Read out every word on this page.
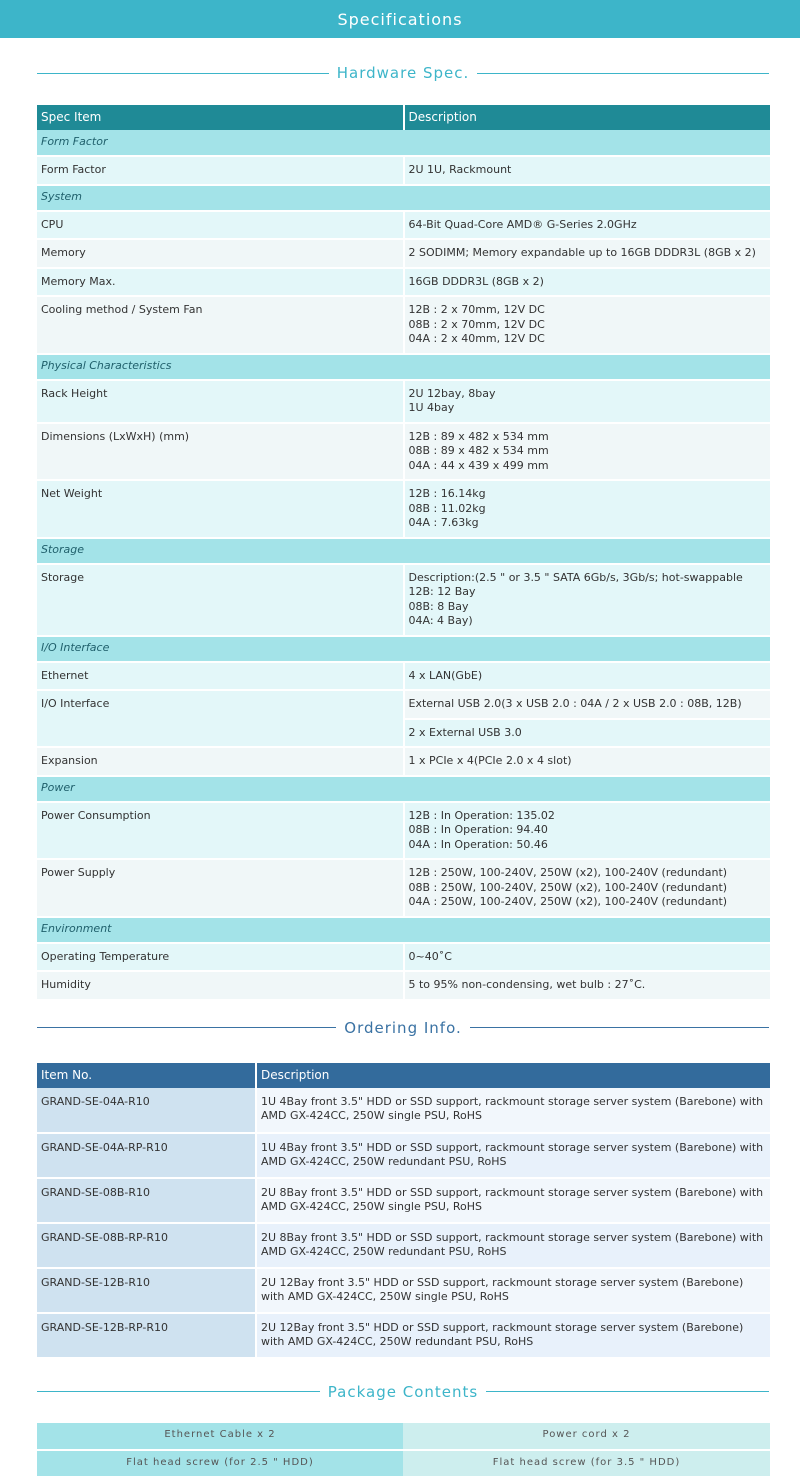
Specifications
Hardware Spec.
Spec Item	Description
Form Factor	
Form Factor	2U 1U, Rackmount

System	
CPU	64-Bit Quad-Core AMD® G-Series 2.0GHz

Memory	2 SODIMM; Memory expandable up to 16GB DDDR3L (8GB x 2)

Memory Max.	16GB DDDR3L (8GB x 2)

Cooling method / System Fan	12B : 2 x 70mm, 12V DC
08B : 2 x 70mm, 12V DC
04A : 2 x 40mm, 12V DC

Physical Characteristics	
Rack Height	2U 12bay, 8bay
1U 4bay

Dimensions (LxWxH) (mm)	12B : 89 x 482 x 534 mm
08B : 89 x 482 x 534 mm
04A : 44 x 439 x 499 mm

Net Weight	12B : 16.14kg
08B : 11.02kg
04A : 7.63kg

Storage	
Storage	Description:(2.5 " or 3.5 " SATA 6Gb/s, 3Gb/s; hot-swappable
12B: 12 Bay
08B: 8 Bay
04A: 4 Bay)

I/O Interface	
Ethernet	4 x LAN(GbE)

I/O Interface	External USB 2.0(3 x USB 2.0 : 04A / 2 x USB 2.0 : 08B, 12B)

	2 x External USB 3.0
Expansion	1 x PCIe x 4(PCIe 2.0 x 4 slot)

Power	
Power Consumption	12B : In Operation: 135.02
08B : In Operation: 94.40
04A : In Operation: 50.46

Power Supply	12B : 250W, 100-240V, 250W (x2), 100-240V (redundant)
08B : 250W, 100-240V, 250W (x2), 100-240V (redundant)
04A : 250W, 100-240V, 250W (x2), 100-240V (redundant)

Environment	
Operating Temperature	0~40˚C

Humidity	5 to 95% non-condensing, wet bulb : 27˚C.
Ordering Info.
Item No.	Description
GRAND-SE-04A-R10	1U 4Bay front 3.5" HDD or SSD support, rackmount storage server system (Barebone) with AMD GX-424CC, 250W single PSU, RoHS
GRAND-SE-04A-RP-R10	1U 4Bay front 3.5" HDD or SSD support, rackmount storage server system (Barebone) with AMD GX-424CC, 250W redundant PSU, RoHS
GRAND-SE-08B-R10	2U 8Bay front 3.5" HDD or SSD support, rackmount storage server system (Barebone) with AMD GX-424CC, 250W single PSU, RoHS
GRAND-SE-08B-RP-R10	2U 8Bay front 3.5" HDD or SSD support, rackmount storage server system (Barebone) with AMD GX-424CC, 250W redundant PSU, RoHS
GRAND-SE-12B-R10	2U 12Bay front 3.5" HDD or SSD support, rackmount storage server system (Barebone) with AMD GX-424CC, 250W single PSU, RoHS
GRAND-SE-12B-RP-R10	2U 12Bay front 3.5" HDD or SSD support, rackmount storage server system (Barebone) with AMD GX-424CC, 250W redundant PSU, RoHS
Package Contents
Ethernet Cable x 2	Power cord x 2
Flat head screw (for 2.5 " HDD)	Flat head screw (for 3.5 " HDD)
